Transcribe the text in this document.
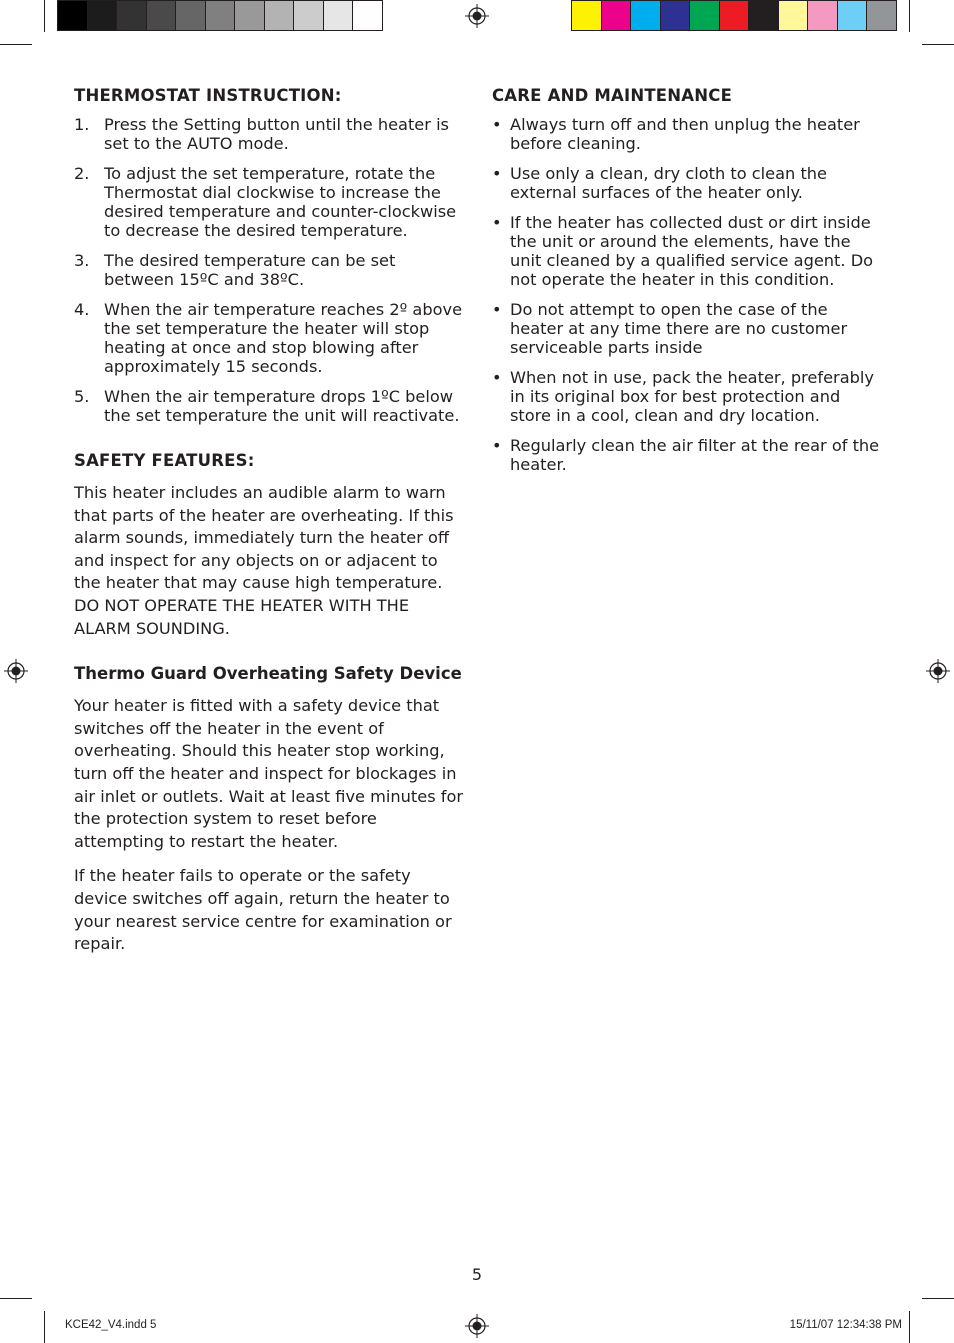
THERMOSTAT INSTRUCTION:
1. Press the Setting button until the heater is set to the AUTO mode.
2. To adjust the set temperature, rotate the Thermostat dial clockwise to increase the desired temperature and counter-clockwise to decrease the desired temperature.
3. The desired temperature can be set between 15ºC and 38ºC.
4. When the air temperature reaches 2º above the set temperature the heater will stop heating at once and stop blowing after approximately 15 seconds.
5. When the air temperature drops 1ºC below the set temperature the unit will reactivate.
SAFETY FEATURES:

This heater includes an audible alarm to warn that parts of the heater are overheating. If this alarm sounds, immediately turn the heater off and inspect for any objects on or adjacent to the heater that may cause high temperature. DO NOT OPERATE THE HEATER WITH THE ALARM SOUNDING.

Thermo Guard Overheating Safety Device

Your heater is fitted with a safety device that switches off the heater in the event of overheating. Should this heater stop working, turn off the heater and inspect for blockages in air inlet or outlets. Wait at least five minutes for the protection system to reset before attempting to restart the heater.

If the heater fails to operate or the safety device switches off again, return the heater to your nearest service centre for examination or repair.

CARE AND MAINTENANCE
• Always turn off and then unplug the heater before cleaning.
• Use only a clean, dry cloth to clean the external surfaces of the heater only.
• If the heater has collected dust or dirt inside the unit or around the elements, have the unit cleaned by a qualified service agent. Do not operate the heater in this condition.
• Do not attempt to open the case of the heater at any time there are no customer serviceable parts inside
• When not in use, pack the heater, preferably in its original box for best protection and store in a cool, clean and dry location.
• Regularly clean the air filter at the rear of the heater.
5
KCE42_V4.indd 5	15/11/07 12:34:38 PM
